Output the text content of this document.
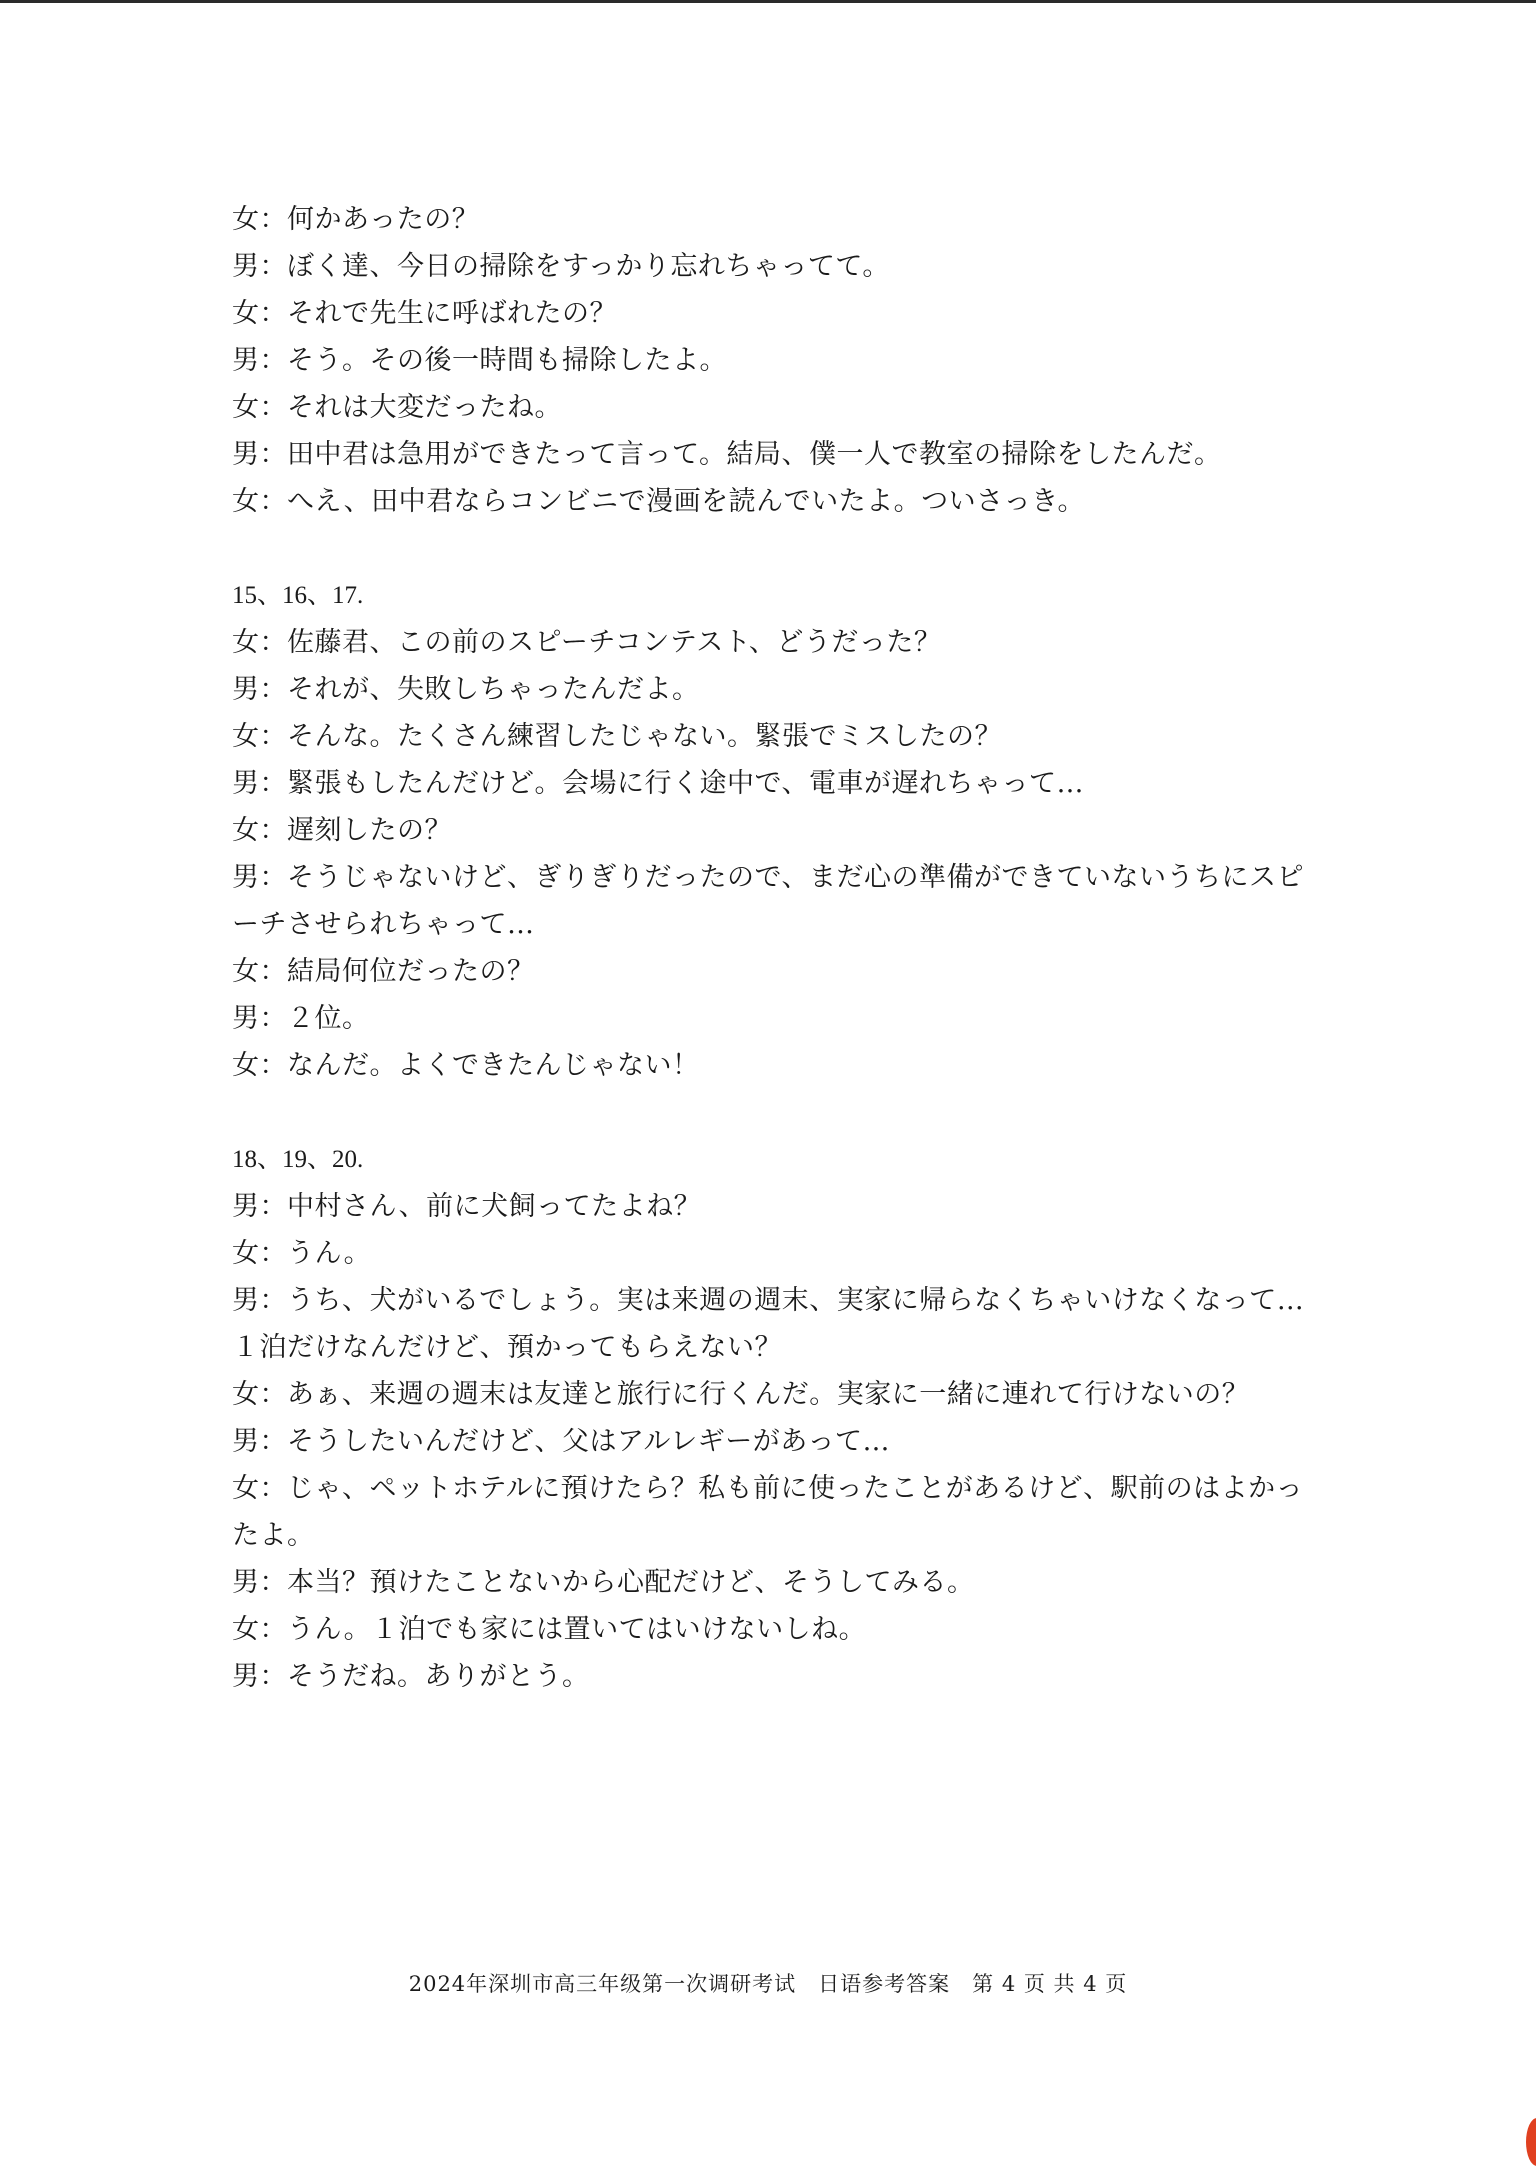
女：何かあったの？

男：ぼく達、今日の掃除をすっかり忘れちゃってて。

女：それで先生に呼ばれたの？

男：そう。その後一時間も掃除したよ。

女：それは大変だったね。

男：田中君は急用ができたって言って。結局、僕一人で教室の掃除をしたんだ。

女：へえ、田中君ならコンビニで漫画を読んでいたよ。ついさっき。

15、16、17.

女：佐藤君、この前のスピーチコンテスト、どうだった？

男：それが、失敗しちゃったんだよ。

女：そんな。たくさん練習したじゃない。緊張でミスしたの？

男：緊張もしたんだけど。会場に行く途中で、電車が遅れちゃって…

女：遅刻したの？

男：そうじゃないけど、ぎりぎりだったので、まだ心の準備ができていないうちにスピーチさせられちゃって…

女：結局何位だったの？

男：２位。

女：なんだ。よくできたんじゃない！

18、19、20.

男：中村さん、前に犬飼ってたよね？

女：うん。

男：うち、犬がいるでしょう。実は来週の週末、実家に帰らなくちゃいけなくなって…１泊だけなんだけど、預かってもらえない？

女：あぁ、来週の週末は友達と旅行に行くんだ。実家に一緒に連れて行けないの？

男：そうしたいんだけど、父はアルレギーがあって…

女：じゃ、ペットホテルに預けたら？私も前に使ったことがあるけど、駅前のはよかったよ。

男：本当？預けたことないから心配だけど、そうしてみる。

女：うん。１泊でも家には置いてはいけないしね。

男：そうだね。ありがとう。

2024年深圳市高三年级第一次调研考试　日语参考答案　第 4 页 共 4 页
